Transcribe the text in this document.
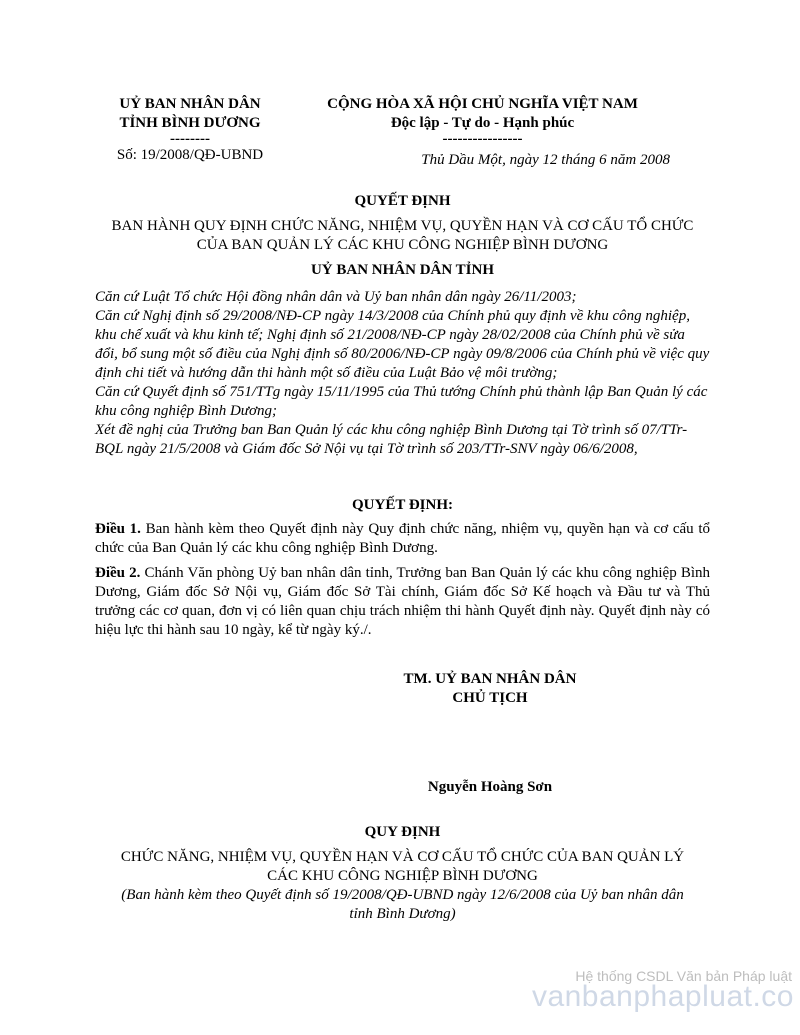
UỶ BAN NHÂN DÂN
TỈNH BÌNH DƯƠNG
--------
Số: 19/2008/QĐ-UBND
CỘNG HÒA XÃ HỘI CHỦ NGHĨA VIỆT NAM
Độc lập - Tự do - Hạnh phúc
----------------
Thủ Dầu Một, ngày 12 tháng 6 năm 2008
QUYẾT ĐỊNH
BAN HÀNH QUY ĐỊNH CHỨC NĂNG, NHIỆM VỤ, QUYỀN HẠN VÀ CƠ CẤU TỔ CHỨC
CỦA BAN QUẢN LÝ CÁC KHU CÔNG NGHIỆP BÌNH DƯƠNG
UỶ BAN NHÂN DÂN TỈNH

Căn cứ Luật Tổ chức Hội đồng nhân dân và Uỷ ban nhân dân ngày 26/11/2003;

Căn cứ Nghị định số 29/2008/NĐ-CP ngày 14/3/2008 của Chính phủ quy định về khu công nghiệp, khu chế xuất và khu kinh tế; Nghị định số 21/2008/NĐ-CP ngày 28/02/2008 của Chính phủ về sửa đổi, bổ sung một số điều của Nghị định số 80/2006/NĐ-CP ngày 09/8/2006 của Chính phủ về việc quy định chi tiết và hướng dẫn thi hành một số điều của Luật Bảo vệ môi trường;

Căn cứ Quyết định số 751/TTg ngày 15/11/1995 của Thủ tướng Chính phủ thành lập Ban Quản lý các khu công nghiệp Bình Dương;

Xét đề nghị của Trưởng ban Ban Quản lý các khu công nghiệp Bình Dương tại Tờ trình số 07/TTr-BQL ngày 21/5/2008 và Giám đốc Sở Nội vụ tại Tờ trình số 203/TTr-SNV ngày 06/6/2008,

QUYẾT ĐỊNH:

Điều 1. Ban hành kèm theo Quyết định này Quy định chức năng, nhiệm vụ, quyền hạn và cơ cấu tổ chức của Ban Quản lý các khu công nghiệp Bình Dương.

Điều 2. Chánh Văn phòng Uỷ ban nhân dân tỉnh, Trưởng ban Ban Quản lý các khu công nghiệp Bình Dương, Giám đốc Sở Nội vụ, Giám đốc Sở Tài chính, Giám đốc Sở Kế hoạch và Đầu tư và Thủ trưởng các cơ quan, đơn vị có liên quan chịu trách nhiệm thi hành Quyết định này. Quyết định này có hiệu lực thi hành sau 10 ngày, kể từ ngày ký./.

TM. UỶ BAN NHÂN DÂN
CHỦ TỊCH
Nguyễn Hoàng Sơn
QUY ĐỊNH
CHỨC NĂNG, NHIỆM VỤ, QUYỀN HẠN VÀ CƠ CẤU TỔ CHỨC CỦA BAN QUẢN LÝ
CÁC KHU CÔNG NGHIỆP BÌNH DƯƠNG
(Ban hành kèm theo Quyết định số 19/2008/QĐ-UBND ngày 12/6/2008 của Uỷ ban nhân dân
tỉnh Bình Dương)
Hệ thống CSDL Văn bản Pháp luật
vanbanphapluat.co
